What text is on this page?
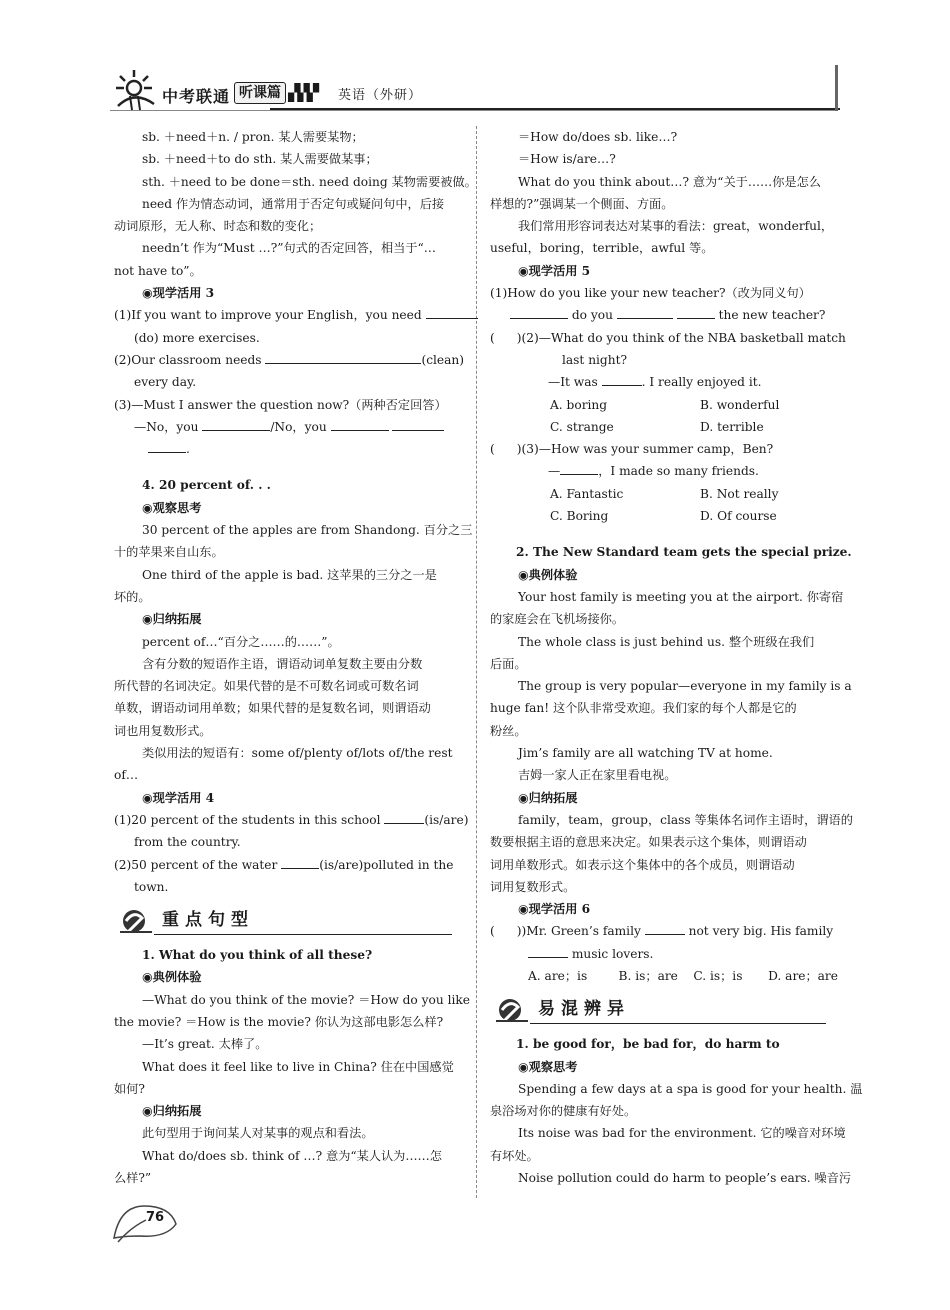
中考联通 听课篇 ▞▞▞ 英语（外研）
sb. ＋need＋n. / pron. 某人需要某物；
sb. ＋need＋to do sth. 某人需要做某事；
sth. ＋need to be done＝sth. need doing 某物需要被做。
need 作为情态动词，通常用于否定句或疑问句中，后接
动词原形，无人称、时态和数的变化；
needn’t 作为“Must …?”句式的否定回答，相当于“…
not have to”。
◉现学活用 3
(1)If you want to improve your English，you need
(do) more exercises.
(2)Our classroom needs	(clean)
every day.
(3)—Must I answer the question now?（两种否定回答）
—No，you	/No，you
.
4. 20 percent of. . .
◉观察思考
30 percent of the apples are from Shandong. 百分之三
十的苹果来自山东。
One third of the apple is bad. 这苹果的三分之一是
坏的。
◉归纳拓展
percent of…“百分之……的……”。
含有分数的短语作主语，谓语动词单复数主要由分数
所代替的名词决定。如果代替的是不可数名词或可数名词
单数，谓语动词用单数；如果代替的是复数名词，则谓语动
词也用复数形式。
类似用法的短语有：some of/plenty of/lots of/the rest
of…
◉现学活用 4
(1)20 percent of the students in this school	(is/are)
from the country.
(2)50 percent of the water	(is/are)polluted in the
town.
重点句型
1. What do you think of all these?
◉典例体验
—What do you think of the movie? ＝How do you like
the movie? ＝How is the movie? 你认为这部电影怎么样?
—It’s great. 太棒了。
What does it feel like to live in China? 住在中国感觉
如何?
◉归纳拓展
此句型用于询问某人对某事的观点和看法。
What do/does sb. think of …? 意为“某人认为……怎
么样?”
＝How do/does sb. like…?
＝How is/are…?
What do you think about…? 意为“关于……你是怎么
样想的?”强调某一个侧面、方面。
我们常用形容词表达对某事的看法：great，wonderful，
useful，boring，terrible，awful 等。
◉现学活用 5
(1)How do you like your new teacher?（改为同义句）
do you	the new teacher?
( )(2)—What do you think of the NBA basketball match
last night?
—It was	. I really enjoyed it.
A. boring	B. wonderful
C. strange	D. terrible
( )(3)—How was your summer camp，Ben?
—	，I made so many friends.
A. Fantastic	B. Not really
C. Boring	D. Of course
2. The New Standard team gets the special prize.
◉典例体验
Your host family is meeting you at the airport. 你寄宿
的家庭会在飞机场接你。
The whole class is just behind us. 整个班级在我们
后面。
The group is very popular—everyone in my family is a
huge fan! 这个队非常受欢迎。我们家的每个人都是它的
粉丝。
Jim’s family are all watching TV at home.
吉姆一家人正在家里看电视。
◉归纳拓展
family，team，group，class 等集体名词作主语时，谓语的
数要根据主语的意思来决定。如果表示这个集体，则谓语动
词用单数形式。如表示这个集体中的各个成员，则谓语动
词用复数形式。
◉现学活用 6
( ))Mr. Green’s family	not very big. His family
music lovers.
A. are；is	B. is；are	C. is；is	D. are；are
易混辨异
1. be good for，be bad for，do harm to
◉观察思考
Spending a few days at a spa is good for your health. 温
泉浴场对你的健康有好处。
Its noise was bad for the environment. 它的噪音对环境
有坏处。
Noise pollution could do harm to people’s ears. 噪音污
76
